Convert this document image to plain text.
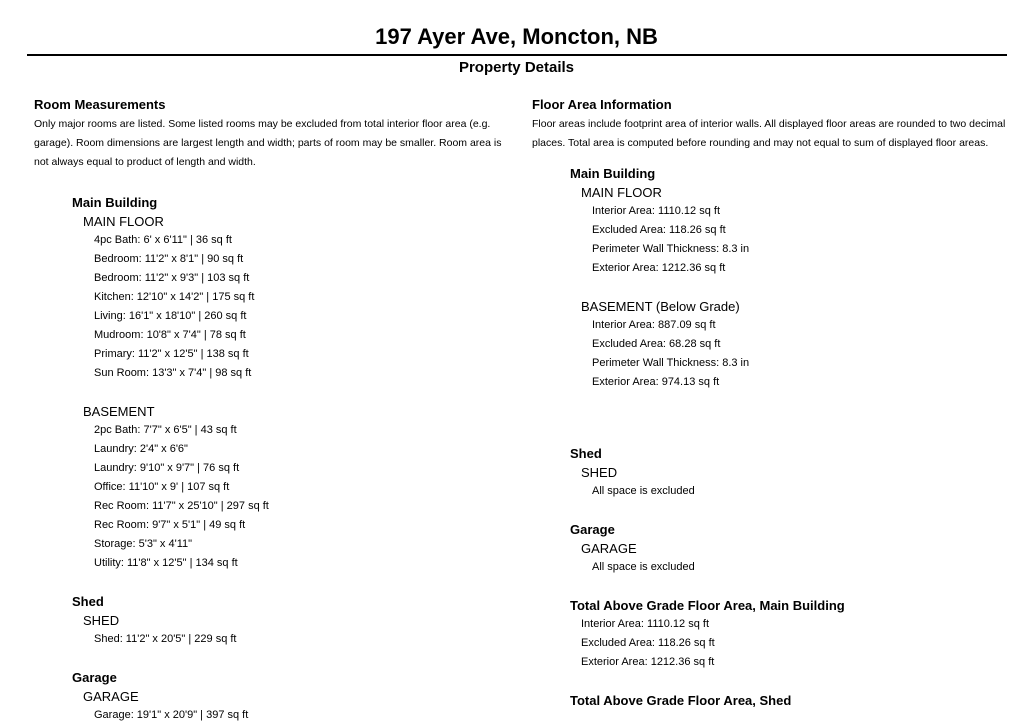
197 Ayer Ave, Moncton, NB
Property Details
Room Measurements
Only major rooms are listed. Some listed rooms may be excluded from total interior floor area (e.g. garage). Room dimensions are largest length and width; parts of room may be smaller. Room area is not always equal to product of length and width.
Main Building
MAIN FLOOR
4pc Bath: 6' x 6'11" | 36 sq ft
Bedroom: 11'2" x 8'1" | 90 sq ft
Bedroom: 11'2" x 9'3" | 103 sq ft
Kitchen: 12'10" x 14'2" | 175 sq ft
Living: 16'1" x 18'10" | 260 sq ft
Mudroom: 10'8" x 7'4" | 78 sq ft
Primary: 11'2" x 12'5" | 138 sq ft
Sun Room: 13'3" x 7'4" | 98 sq ft
BASEMENT
2pc Bath: 7'7" x 6'5" | 43 sq ft
Laundry: 2'4" x 6'6"
Laundry: 9'10" x 9'7" | 76 sq ft
Office: 11'10" x 9' | 107 sq ft
Rec Room: 11'7" x 25'10" | 297 sq ft
Rec Room: 9'7" x 5'1" | 49 sq ft
Storage: 5'3" x 4'11"
Utility: 11'8" x 12'5" | 134 sq ft
Shed
SHED
Shed: 11'2" x 20'5" | 229 sq ft
Garage
GARAGE
Garage: 19'1" x 20'9" | 397 sq ft
Floor Area Information
Floor areas include footprint area of interior walls. All displayed floor areas are rounded to two decimal places. Total area is computed before rounding and may not equal to sum of displayed floor areas.
Main Building
MAIN FLOOR
Interior Area: 1110.12 sq ft
Excluded Area: 118.26 sq ft
Perimeter Wall Thickness: 8.3 in
Exterior Area: 1212.36 sq ft
BASEMENT (Below Grade)
Interior Area: 887.09 sq ft
Excluded Area: 68.28 sq ft
Perimeter Wall Thickness: 8.3 in
Exterior Area: 974.13 sq ft
Shed
SHED
All space is excluded
Garage
GARAGE
All space is excluded
Total Above Grade Floor Area, Main Building
Interior Area: 1110.12 sq ft
Excluded Area: 118.26 sq ft
Exterior Area: 1212.36 sq ft
Total Above Grade Floor Area, Shed
